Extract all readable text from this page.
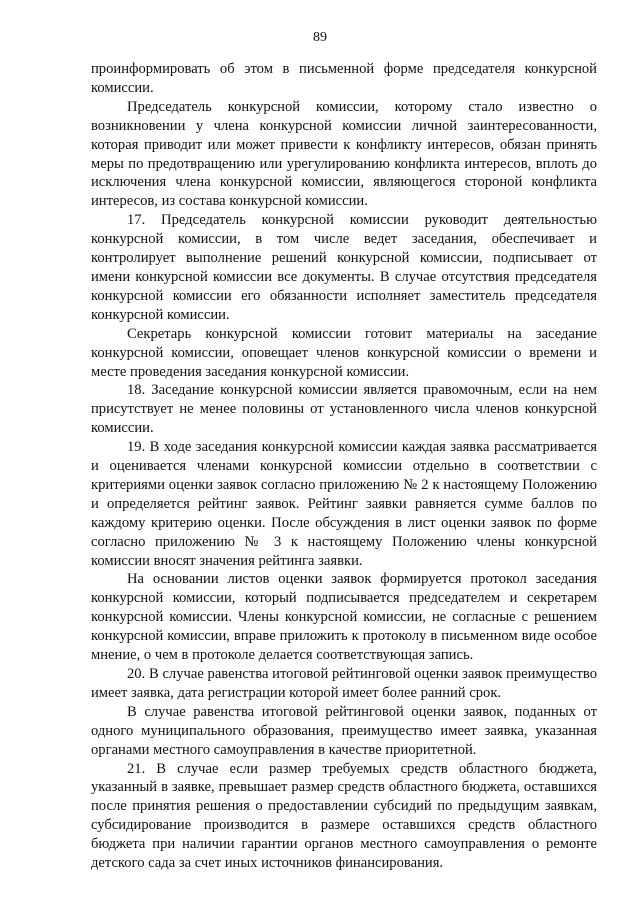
89

проинформировать об этом в письменной форме председателя конкурсной комиссии.

Председатель конкурсной комиссии, которому стало известно о возникновении у члена конкурсной комиссии личной заинтересованности, которая приводит или может привести к конфликту интересов, обязан принять меры по предотвращению или урегулированию конфликта интересов, вплоть до исключения члена конкурсной комиссии, являющегося стороной конфликта интересов, из состава конкурсной комиссии.

17. Председатель конкурсной комиссии руководит деятельностью конкурсной комиссии, в том числе ведет заседания, обеспечивает и контролирует выполнение решений конкурсной комиссии, подписывает от имени конкурсной комиссии все документы. В случае отсутствия председателя конкурсной комиссии его обязанности исполняет заместитель председателя конкурсной комиссии.

Секретарь конкурсной комиссии готовит материалы на заседание конкурсной комиссии, оповещает членов конкурсной комиссии о времени и месте проведения заседания конкурсной комиссии.

18. Заседание конкурсной комиссии является правомочным, если на нем присутствует не менее половины от установленного числа членов конкурсной комиссии.

19. В ходе заседания конкурсной комиссии каждая заявка рассматривается и оценивается членами конкурсной комиссии отдельно в соответствии с критериями оценки заявок согласно приложению № 2 к настоящему Положению и определяется рейтинг заявок. Рейтинг заявки равняется сумме баллов по каждому критерию оценки. После обсуждения в лист оценки заявок по форме согласно приложению № 3 к настоящему Положению члены конкурсной комиссии вносят значения рейтинга заявки.

На основании листов оценки заявок формируется протокол заседания конкурсной комиссии, который подписывается председателем и секретарем конкурсной комиссии. Члены конкурсной комиссии, не согласные с решением конкурсной комиссии, вправе приложить к протоколу в письменном виде особое мнение, о чем в протоколе делается соответствующая запись.

20. В случае равенства итоговой рейтинговой оценки заявок преимущество имеет заявка, дата регистрации которой имеет более ранний срок.

В случае равенства итоговой рейтинговой оценки заявок, поданных от одного муниципального образования, преимущество имеет заявка, указанная органами местного самоуправления в качестве приоритетной.

21. В случае если размер требуемых средств областного бюджета, указанный в заявке, превышает размер средств областного бюджета, оставшихся после принятия решения о предоставлении субсидий по предыдущим заявкам, субсидирование производится в размере оставшихся средств областного бюджета при наличии гарантии органов местного самоуправления о ремонте детского сада за счет иных источников финансирования.
